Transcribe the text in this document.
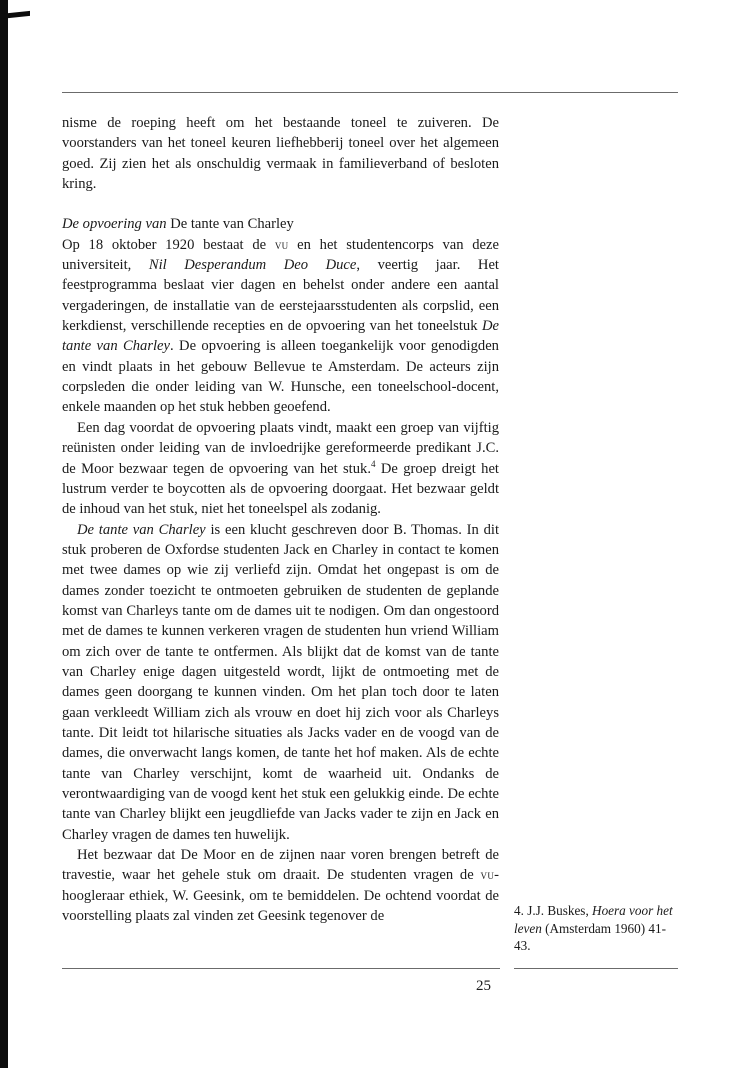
nisme de roeping heeft om het bestaande toneel te zuiveren. De voorstanders van het toneel keuren liefhebberij toneel over het algemeen goed. Zij zien het als onschuldig vermaak in familieverband of besloten kring.

De opvoering van De tante van Charley

Op 18 oktober 1920 bestaat de vu en het studentencorps van deze universiteit, Nil Desperandum Deo Duce, veertig jaar. Het feestprogramma beslaat vier dagen en behelst onder andere een aantal vergaderingen, de installatie van de eerstejaarsstudenten als corpslid, een kerkdienst, verschillende recepties en de opvoering van het toneelstuk De tante van Charley. De opvoering is alleen toegankelijk voor genodigden en vindt plaats in het gebouw Bellevue te Amsterdam. De acteurs zijn corpsleden die onder leiding van W. Hunsche, een toneelschool-docent, enkele maanden op het stuk hebben geoefend.

Een dag voordat de opvoering plaats vindt, maakt een groep van vijftig reünisten onder leiding van de invloedrijke gereformeerde predikant J.C. de Moor bezwaar tegen de opvoering van het stuk.$^4$ De groep dreigt het lustrum verder te boycotten als de opvoering doorgaat. Het bezwaar geldt de inhoud van het stuk, niet het toneelspel als zodanig.

De tante van Charley is een klucht geschreven door B. Thomas. In dit stuk proberen de Oxfordse studenten Jack en Charley in contact te komen met twee dames op wie zij verliefd zijn. Omdat het ongepast is om de dames zonder toezicht te ontmoeten gebruiken de studenten de geplande komst van Charleys tante om de dames uit te nodigen. Om dan ongestoord met de dames te kunnen verkeren vragen de studenten hun vriend William om zich over de tante te ontfermen. Als blijkt dat de komst van de tante van Charley enige dagen uitgesteld wordt, lijkt de ontmoeting met de dames geen doorgang te kunnen vinden. Om het plan toch door te laten gaan verkleedt William zich als vrouw en doet hij zich voor als Charleys tante. Dit leidt tot hilarische situaties als Jacks vader en de voogd van de dames, die onverwacht langs komen, de tante het hof maken. Als de echte tante van Charley verschijnt, komt de waarheid uit. Ondanks de verontwaardiging van de voogd kent het stuk een gelukkig einde. De echte tante van Charley blijkt een jeugdliefde van Jacks vader te zijn en Jack en Charley vragen de dames ten huwelijk.

Het bezwaar dat De Moor en de zijnen naar voren brengen betreft de travestie, waar het gehele stuk om draait. De studenten vragen de vu-hoogleraar ethiek, W. Geesink, om te bemiddelen. De ochtend voordat de voorstelling plaats zal vinden zet Geesink tegenover de	4. J.J. Buskes, Hoera voor het leven (Amsterdam 1960) 41-43.
25
